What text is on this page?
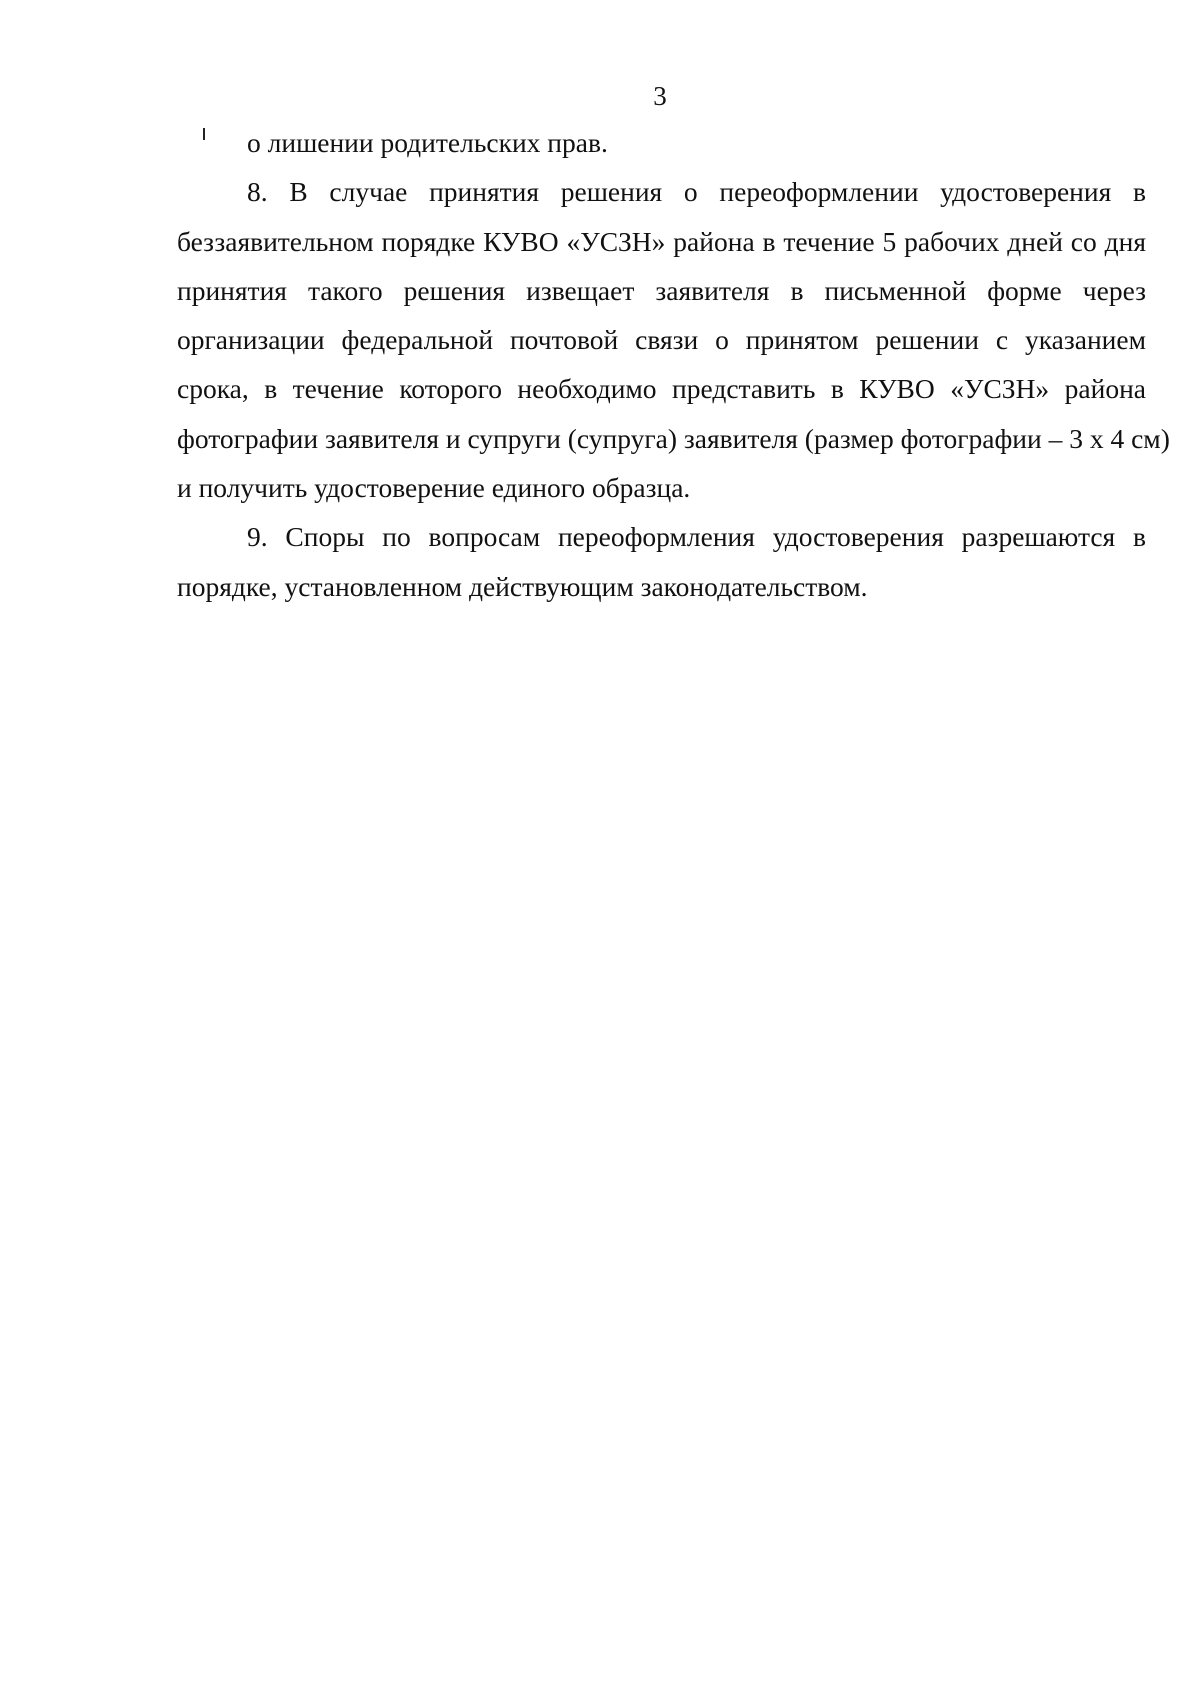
3
о лишении родительских прав.
8. В случае принятия решения о переоформлении удостоверения в
беззаявительном порядке КУВО «УСЗН» района в течение 5 рабочих дней со дня
принятия такого решения извещает заявителя в письменной форме через
организации федеральной почтовой связи о принятом решении с указанием
срока, в течение которого необходимо представить в КУВО «УСЗН» района
фотографии заявителя и супруги (супруга) заявителя (размер фотографии – 3 x 4 см)
и получить удостоверение единого образца.
9. Споры по вопросам переоформления удостоверения разрешаются в
порядке, установленном действующим законодательством.
